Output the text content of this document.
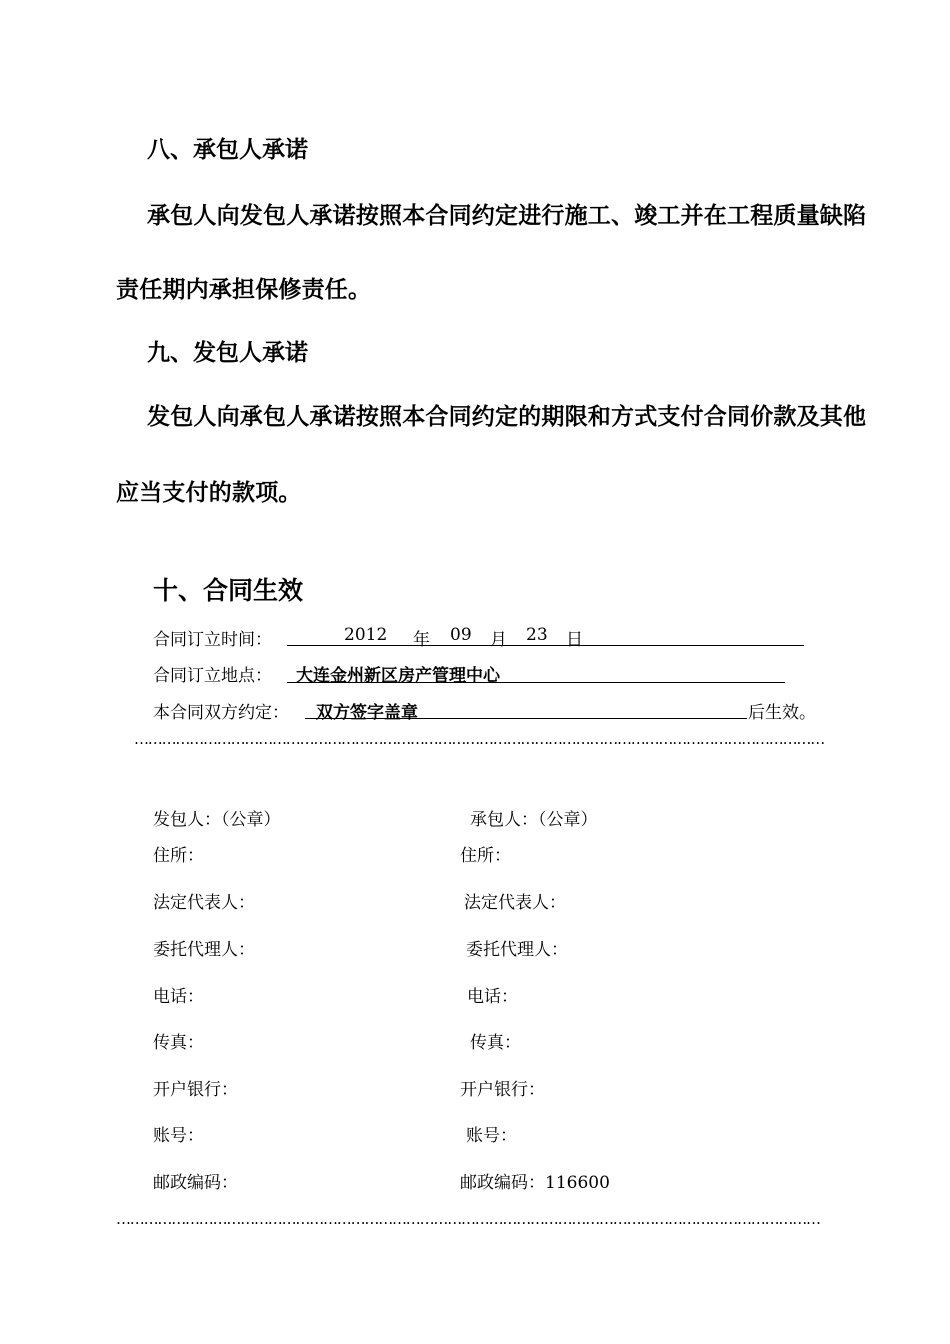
八、承包人承诺
承包人向发包人承诺按照本合同约定进行施工、竣工并在工程质量缺陷
责任期内承担保修责任。
九、发包人承诺
发包人向承包人承诺按照本合同约定的期限和方式支付合同价款及其他
应当支付的款项。
十、合同生效
合同订立时间：	2012 年 09 月 23 日
合同订立地点： 大连金州新区房产管理中心
本合同双方约定： 双方签字盖章	后生效。
……………………………………………………………………………………………………………………………………
发包人：（公章）
住所：
法定代表人：
委托代理人：
电话：
传真：
开户银行：
账号：
邮政编码：
承包人：（公章）
住所：
法定代表人：
委托代理人：
电话：
传真：
开户银行：
账号：
邮政编码：116600
………………………………………………………………………………………………………………………………………
